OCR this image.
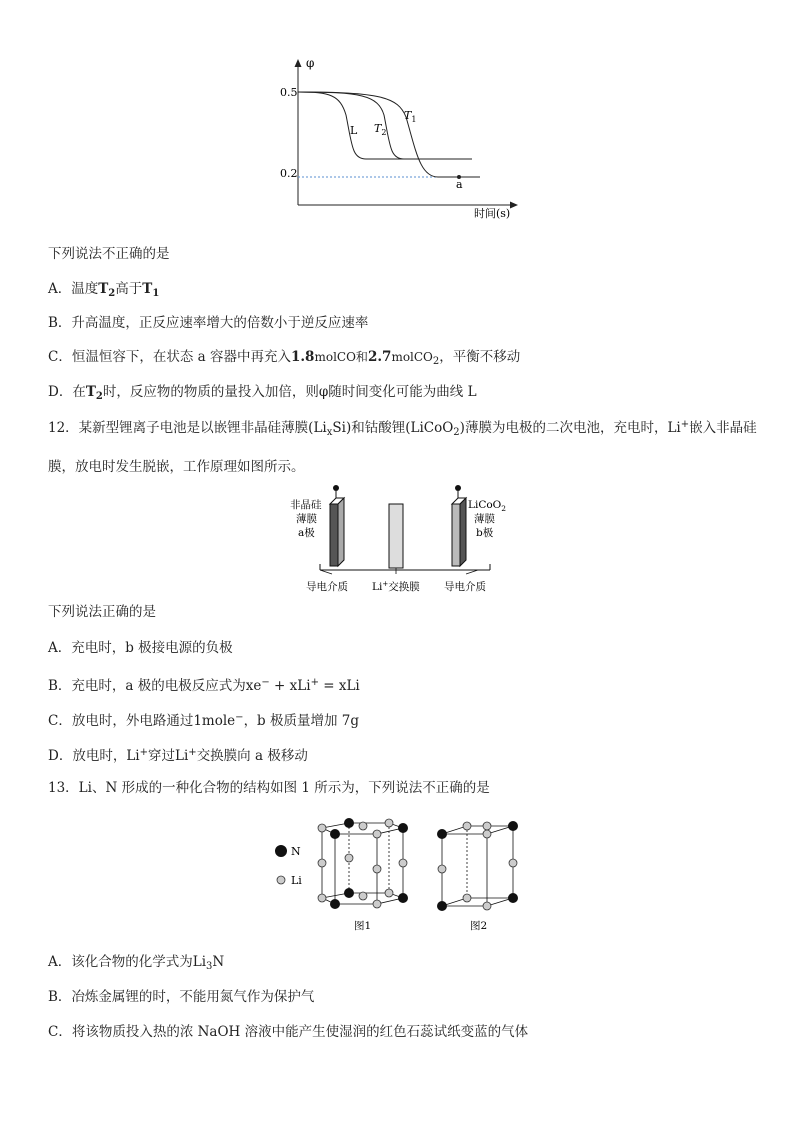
φ
时间(s)
0.5
0.2
a
L $T_2$
$T_1$
下列说法不正确的是
A．温度$T_2$高于$T_1$
B．升高温度，正反应速率增大的倍数小于逆反应速率
C．恒温恒容下，在状态 a 容器中再充入1.8molCO和2.7molCO$_2$，平衡不移动
D．在$T_2$时，反应物的物质的量投入加倍，则φ随时间变化可能为曲线 L
12．某新型锂离子电池是以嵌锂非晶硅薄膜$(Li_xSi)$和钴酸锂(LiCoO$_2$)薄膜为电极的二次电池，充电时，Li+嵌入非晶硅膜，放电时发生脱嵌，工作原理如图所示。
非晶硅
薄膜
a极
LiCoO$_2$
薄膜
b极
导电介质 Li+交换膜 导电介质
下列说法正确的是
A．充电时，b 极接电源的负极
B．充电时，a 极的电极反应式为xe− + xLi+ = xLi
C．放电时，外电路通过1mole−，b 极质量增加 7g
D．放电时，Li+穿过Li+交换膜向 a 极移动
13．Li、N 形成的一种化合物的结构如图 1 所示为，下列说法不正确的是
N
Li
图1	图2
A．该化合物的化学式为$Li_3N$
B．冶炼金属锂的时，不能用氮气作为保护气
C．将该物质投入热的浓 NaOH 溶液中能产生使湿润的红色石蕊试纸变蓝的气体
